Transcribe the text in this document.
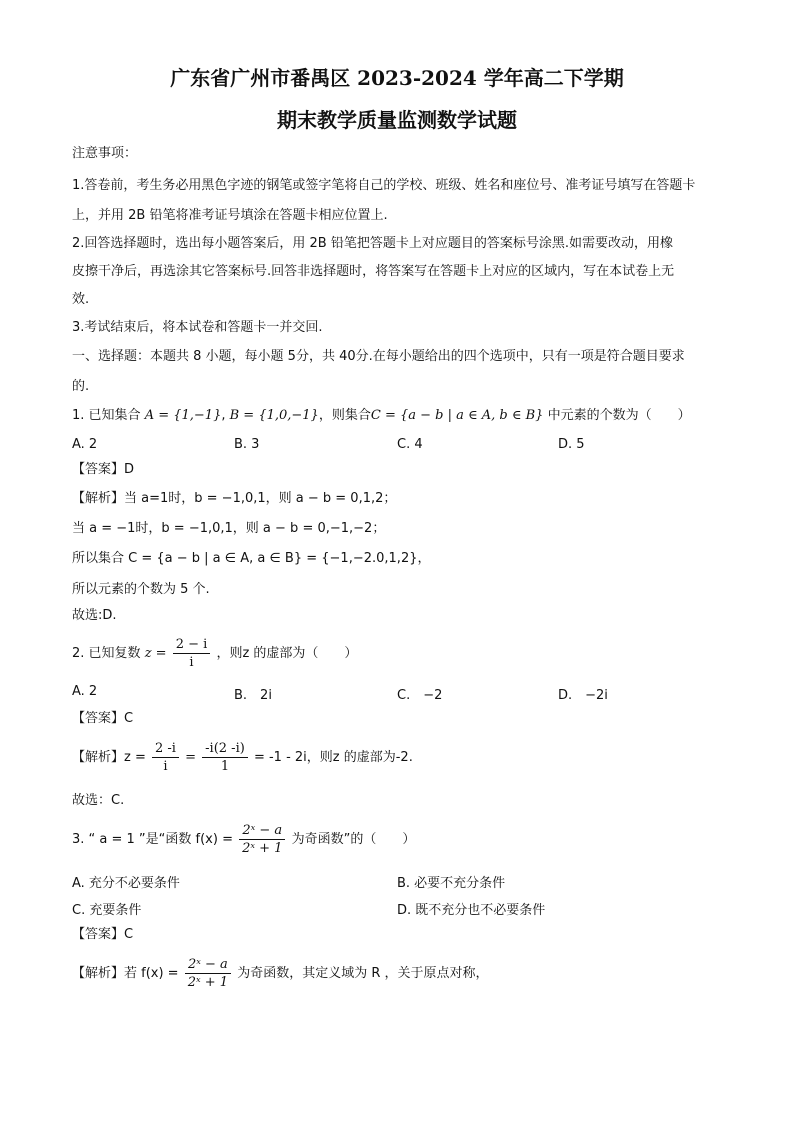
广东省广州市番禺区 2023-2024 学年高二下学期
期末教学质量监测数学试题
注意事项：
1.答卷前，考生务必用黑色字迹的钢笔或签字笔将自己的学校、班级、姓名和座位号、准考证号填写在答题卡
上，并用 2B 铅笔将准考证号填涂在答题卡相应位置上.
2.回答选择题时，选出每小题答案后，用 2B 铅笔把答题卡上对应题目的答案标号涂黑.如需要改动，用橡
皮擦干净后，再选涂其它答案标号.回答非选择题时，将答案写在答题卡上对应的区域内，写在本试卷上无
效.
3.考试结束后，将本试卷和答题卡一并交回.
一、选择题：本题共 8 小题，每小题 5分，共 40分.在每小题给出的四个选项中，只有一项是符合题目要求
的.
1. 已知集合 A = {1,−1}, B = {1,0,−1}，则集合C = {a − b | a ∈ A, b ∈ B} 中元素的个数为（　　）
A. 2	B. 3	C. 4	D. 5
【答案】D
【解析】当 a=1时，b = −1,0,1，则 a − b = 0,1,2；
当 a = −1时，b = −1,0,1，则 a − b = 0,−1,−2；
所以集合 C = {a − b | a ∈ A, a ∈ B} = {−1,−2.0,1,2}，
所以元素的个数为 5 个.
故选:D.
2. 已知复数 $z = \frac{2 - i}{i}$ ，则z 的虚部为（　　）
A. 2	B.　2i	C.　−2	D.　−2i
【答案】C
【解析】$z = \frac{2 -i}{i} = \frac{-i(2 -i)}{1} = -1 - 2i$，则z 的虚部为-2.
故选：C.
3. “ a = 1 ”是“函数 $f(x) = \frac{\text{2ˣ − a}}{\text{2ˣ + 1}}$ 为奇函数”的（　　）
A. 充分不必要条件	B. 必要不充分条件
C. 充要条件	D. 既不充分也不必要条件
【答案】C
【解析】若 $f(x) = \frac{\text{2ˣ − a}}{\text{2ˣ + 1}}$ 为奇函数，其定义域为 R ，关于原点对称，
